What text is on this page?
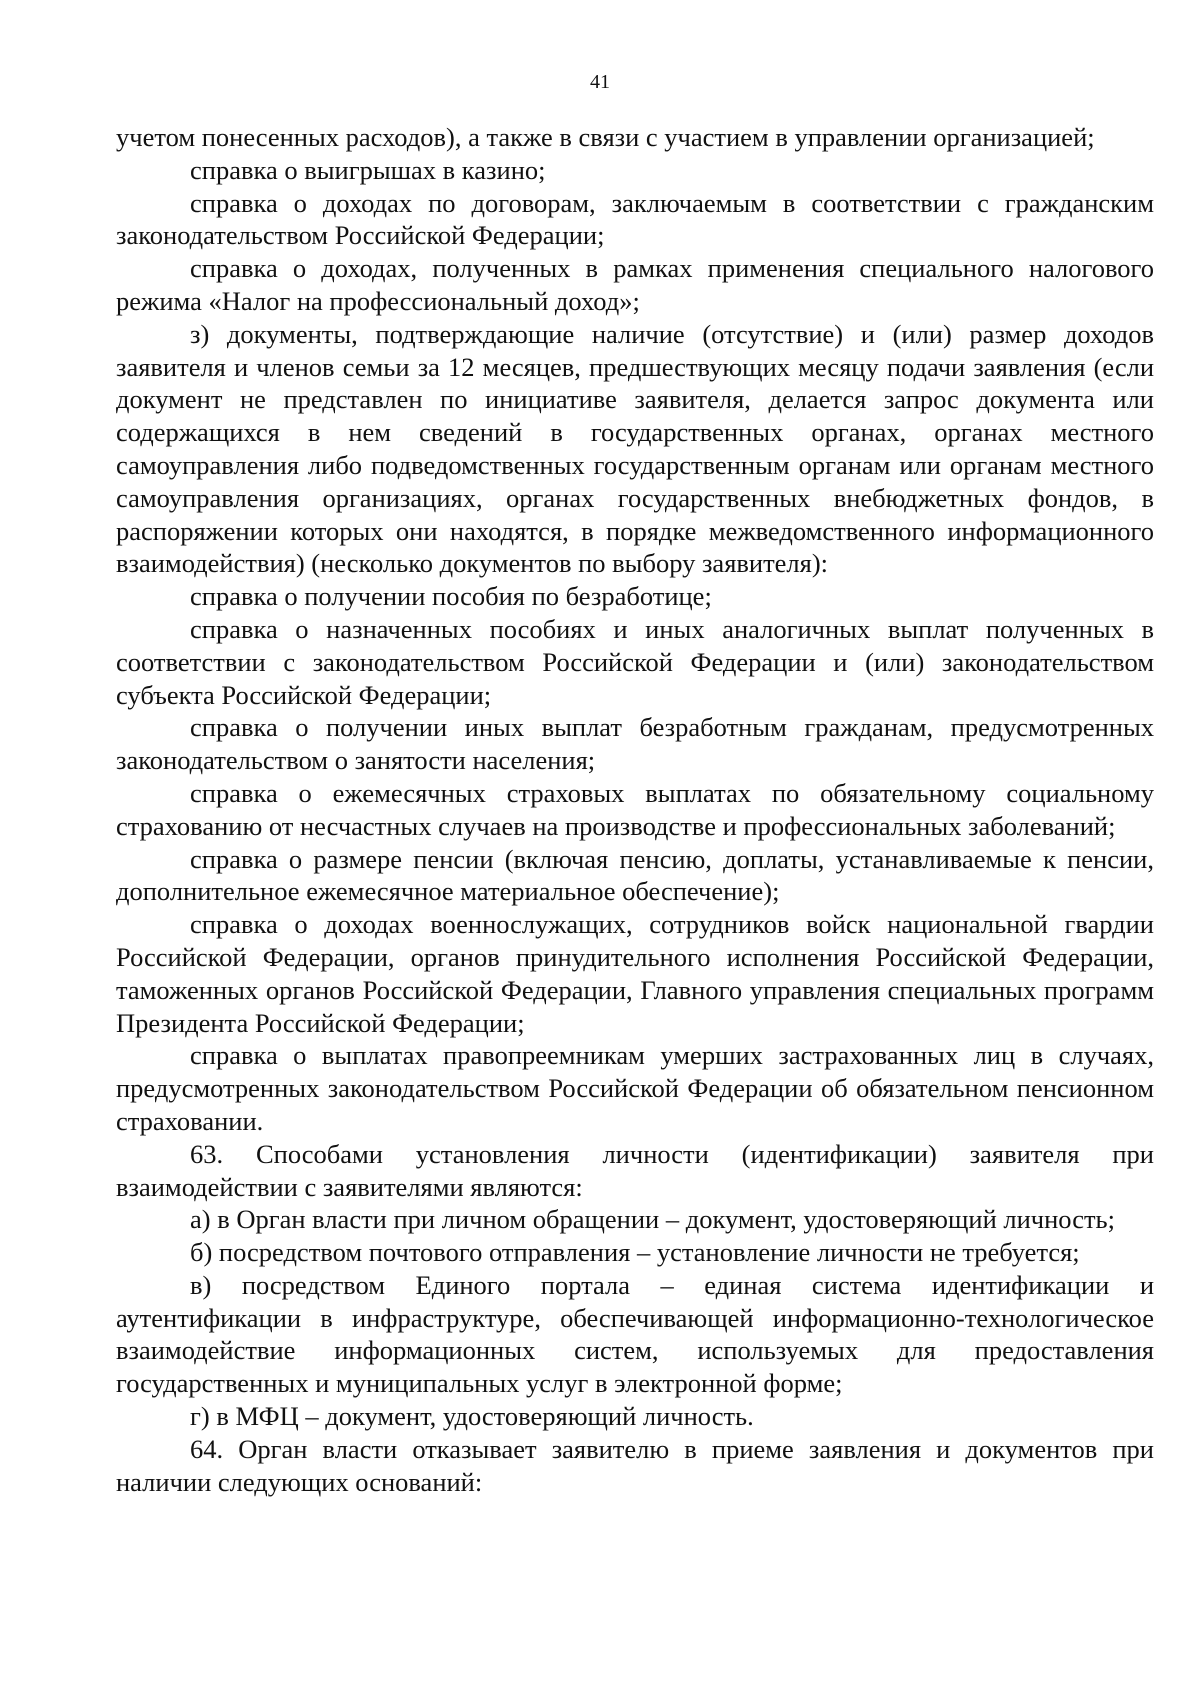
41

учетом понесенных расходов), а также в связи с участием в управлении организацией;

справка о выигрышах в казино;

справка о доходах по договорам, заключаемым в соответствии с гражданским законодательством Российской Федерации;

справка о доходах, полученных в рамках применения специального налогового режима «Налог на профессиональный доход»;

з) документы, подтверждающие наличие (отсутствие) и (или) размер доходов заявителя и членов семьи за 12 месяцев, предшествующих месяцу подачи заявления (если документ не представлен по инициативе заявителя, делается запрос документа или содержащихся в нем сведений в государственных органах, органах местного самоуправления либо подведомственных государственным органам или органам местного самоуправления организациях, органах государственных внебюджетных фондов, в распоряжении которых они находятся, в порядке межведомственного информационного взаимодействия) (несколько документов по выбору заявителя):

справка о получении пособия по безработице;

справка о назначенных пособиях и иных аналогичных выплат полученных в соответствии с законодательством Российской Федерации и (или) законодательством субъекта Российской Федерации;

справка о получении иных выплат безработным гражданам, предусмотренных законодательством о занятости населения;

справка о ежемесячных страховых выплатах по обязательному социальному страхованию от несчастных случаев на производстве и профессиональных заболеваний;

справка о размере пенсии (включая пенсию, доплаты, устанавливаемые к пенсии, дополнительное ежемесячное материальное обеспечение);

справка о доходах военнослужащих, сотрудников войск национальной гвардии Российской Федерации, органов принудительного исполнения Российской Федерации, таможенных органов Российской Федерации, Главного управления специальных программ Президента Российской Федерации;

справка о выплатах правопреемникам умерших застрахованных лиц в случаях, предусмотренных законодательством Российской Федерации об обязательном пенсионном страховании.

63. Способами установления личности (идентификации) заявителя при взаимодействии с заявителями являются:

а) в Орган власти при личном обращении – документ, удостоверяющий личность;

б) посредством почтового отправления – установление личности не требуется;

в) посредством Единого портала – единая система идентификации и аутентификации в инфраструктуре, обеспечивающей информационно-технологическое взаимодействие информационных систем, используемых для предоставления государственных и муниципальных услуг в электронной форме;

г) в МФЦ – документ, удостоверяющий личность.

64. Орган власти отказывает заявителю в приеме заявления и документов при наличии следующих оснований:
